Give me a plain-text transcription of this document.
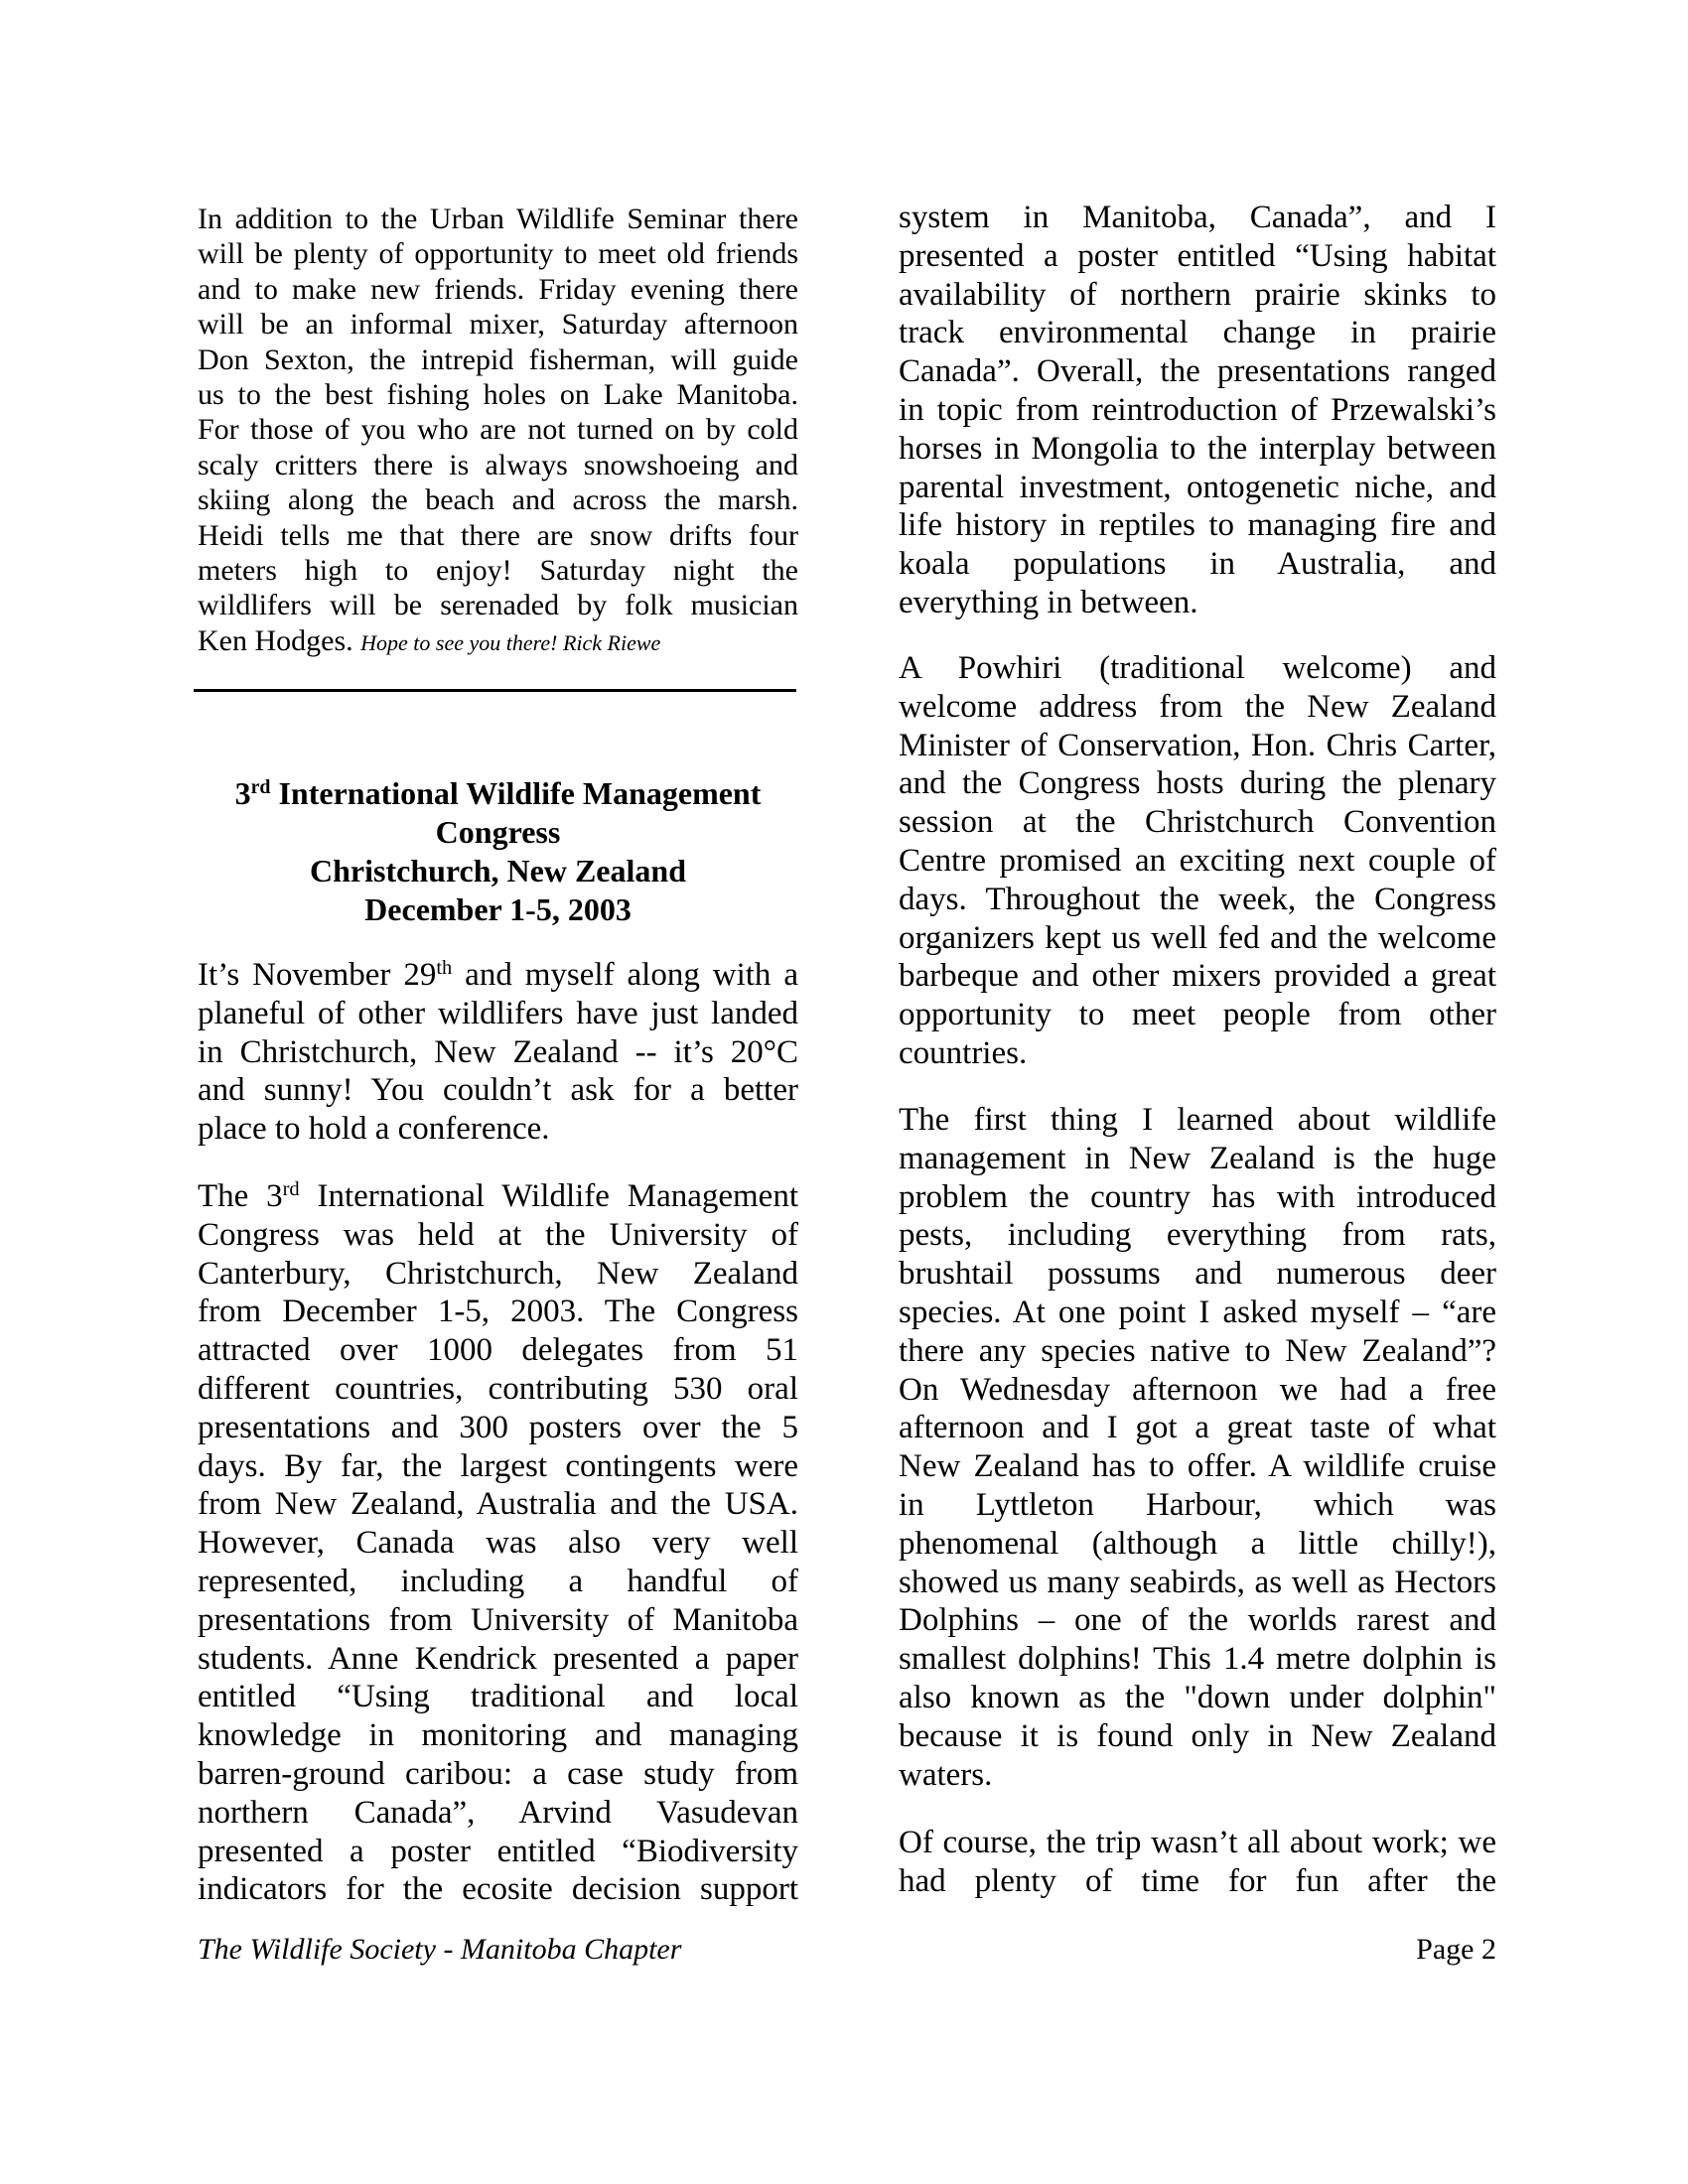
In addition to the Urban Wildlife Seminar there
will be plenty of opportunity to meet old friends
and to make new friends. Friday evening there
will be an informal mixer, Saturday afternoon
Don Sexton, the intrepid fisherman, will guide
us to the best fishing holes on Lake Manitoba.
For those of you who are not turned on by cold
scaly critters there is always snowshoeing and
skiing along the beach and across the marsh.
Heidi tells me that there are snow drifts four
meters high to enjoy! Saturday night the
wildlifers will be serenaded by folk musician
Ken Hodges. Hope to see you there! Rick Riewe
3rd International Wildlife Management
Congress
Christchurch, New Zealand
December 1-5, 2003
It’s November 29th and myself along with a
planeful of other wildlifers have just landed
in Christchurch, New Zealand -- it’s 20°C
and sunny! You couldn’t ask for a better
place to hold a conference.
The 3rd International Wildlife Management
Congress was held at the University of
Canterbury, Christchurch, New Zealand
from December 1-5, 2003. The Congress
attracted over 1000 delegates from 51
different countries, contributing 530 oral
presentations and 300 posters over the 5
days. By far, the largest contingents were
from New Zealand, Australia and the USA.
However, Canada was also very well
represented, including a handful of
presentations from University of Manitoba
students. Anne Kendrick presented a paper
entitled “Using traditional and local
knowledge in monitoring and managing
barren-ground caribou: a case study from
northern Canada”, Arvind Vasudevan
presented a poster entitled “Biodiversity
indicators for the ecosite decision support
system in Manitoba, Canada”, and I
presented a poster entitled “Using habitat
availability of northern prairie skinks to
track environmental change in prairie
Canada”. Overall, the presentations ranged
in topic from reintroduction of Przewalski’s
horses in Mongolia to the interplay between
parental investment, ontogenetic niche, and
life history in reptiles to managing fire and
koala populations in Australia, and
everything in between.
A Powhiri (traditional welcome) and
welcome address from the New Zealand
Minister of Conservation, Hon. Chris Carter,
and the Congress hosts during the plenary
session at the Christchurch Convention
Centre promised an exciting next couple of
days. Throughout the week, the Congress
organizers kept us well fed and the welcome
barbeque and other mixers provided a great
opportunity to meet people from other
countries.
The first thing I learned about wildlife
management in New Zealand is the huge
problem the country has with introduced
pests, including everything from rats,
brushtail possums and numerous deer
species. At one point I asked myself – “are
there any species native to New Zealand”?
On Wednesday afternoon we had a free
afternoon and I got a great taste of what
New Zealand has to offer. A wildlife cruise
in Lyttleton Harbour, which was
phenomenal (although a little chilly!),
showed us many seabirds, as well as Hectors
Dolphins – one of the worlds rarest and
smallest dolphins! This 1.4 metre dolphin is
also known as the "down under dolphin"
because it is found only in New Zealand
waters.
Of course, the trip wasn’t all about work; we
had plenty of time for fun after the
The Wildlife Society - Manitoba Chapter	Page 2
